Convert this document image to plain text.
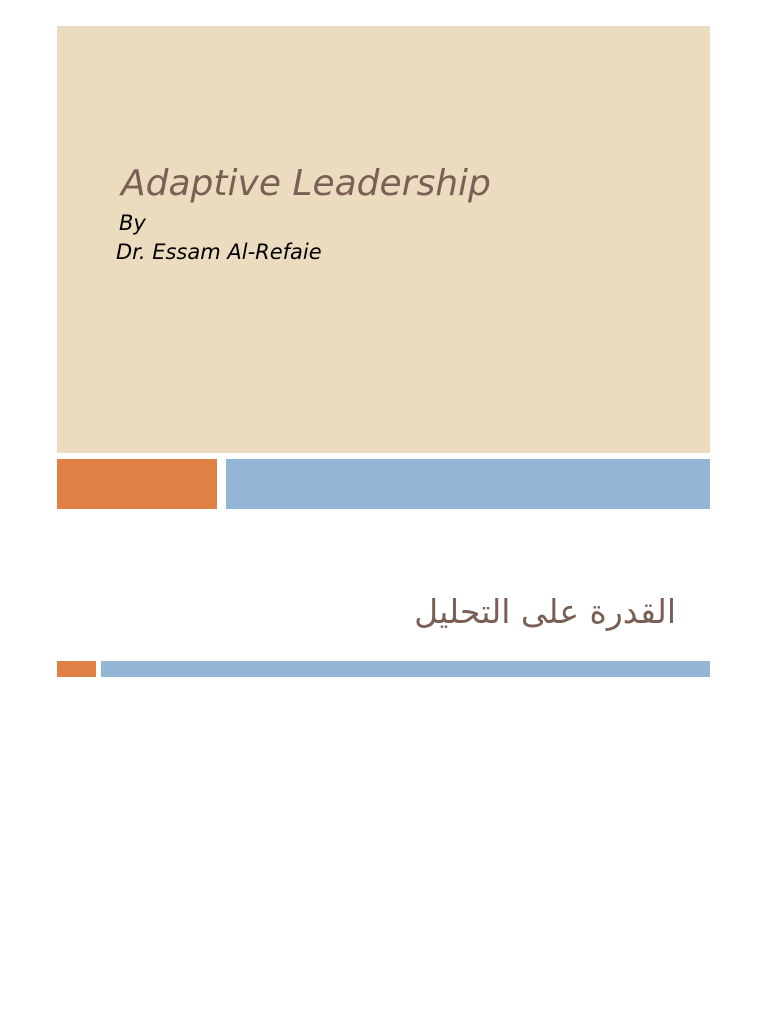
Adaptive Leadership

By

Dr. Essam Al-Refaie

القدرة على التحليل
